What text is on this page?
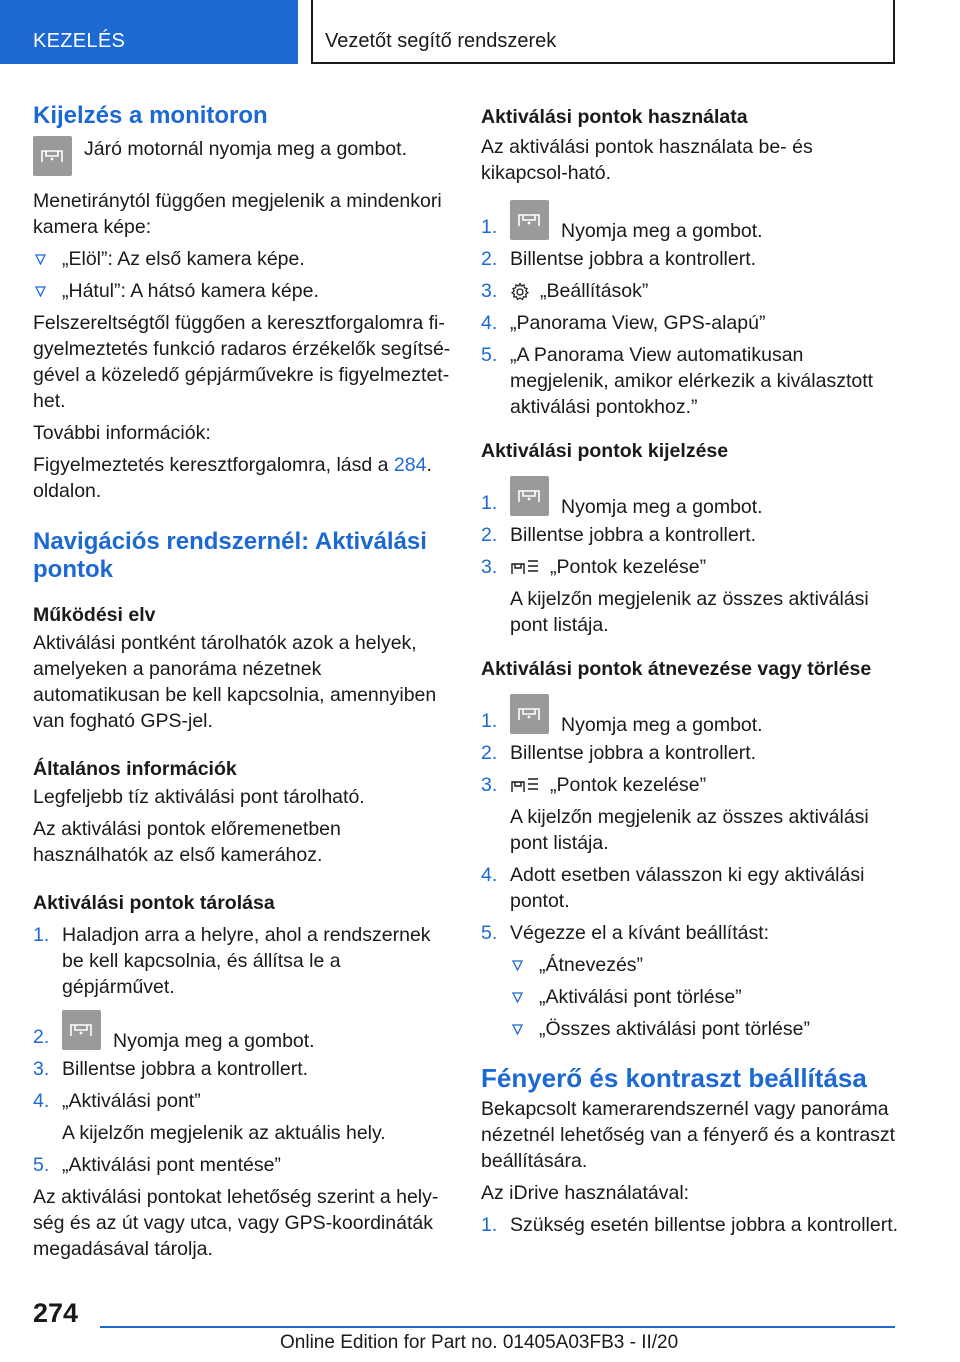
KEZELÉS	Vezetőt segítő rendszerek
Kijelzés a monitoron
Járó motornál nyomja meg a gombot.

Menetiránytól függően megjelenik a mindenkori kamera képe:

„Elöl”: Az első kamera képe.
„Hátul”: A hátsó kamera képe.

Felszereltségtől függően a keresztforgalomra fi-gyelmeztetés funkció radaros érzékelők segítsé-gével a közeledő gépjárművekre is figyelmeztet-het.

További információk:

Figyelmeztetés keresztforgalomra, lásd a 284. oldalon.

Navigációs rendszernél: Aktiválási pontok
Működési elv

Aktiválási pontként tárolhatók azok a helyek, amelyeken a panoráma nézetnek automatikusan be kell kapcsolnia, amennyiben van fogható GPS-jel.

Általános információk

Legfeljebb tíz aktiválási pont tárolható.

Az aktiválási pontok előremenetben használhatók az első kamerához.

Aktiválási pontok tárolása
1. Haladjon arra a helyre, ahol a rendszernek be kell kapcsolnia, és állítsa le a gépjárművet.
2.	Nyomja meg a gombot.
3. Billentse jobbra a kontrollert.
4. „Aktiválási pont”
A kijelzőn megjelenik az aktuális hely.
5. „Aktiválási pont mentése”

Az aktiválási pontokat lehetőség szerint a hely-ség és az út vagy utca, vagy GPS-koordináták megadásával tárolja.

Aktiválási pontok használata

Az aktiválási pontok használata be- és kikapcsol-ható.

1.	Nyomja meg a gombot.
2. Billentse jobbra a kontrollert.
3. „Beállítások”
4. „Panorama View, GPS-alapú”
5. „A Panorama View automatikusan megjelenik, amikor elérkezik a kiválasztott aktiválási pontokhoz.”
Aktiválási pontok kijelzése
1.	Nyomja meg a gombot.
2. Billentse jobbra a kontrollert.
3.	„Pontok kezelése”
A kijelzőn megjelenik az összes aktiválási pont listája.
Aktiválási pontok átnevezése vagy törlése
1.	Nyomja meg a gombot.
2. Billentse jobbra a kontrollert.
3.	„Pontok kezelése”
A kijelzőn megjelenik az összes aktiválási pont listája.
4. Adott esetben válasszon ki egy aktiválási pontot.
5. Végezze el a kívánt beállítást:
„Átnevezés”
„Aktiválási pont törlése”
„Összes aktiválási pont törlése”
Fényerő és kontraszt beállítása

Bekapcsolt kamerarendszernél vagy panoráma nézetnél lehetőség van a fényerő és a kontraszt beállítására.

Az iDrive használatával:

1. Szükség esetén billentse jobbra a kontrollert.
274
Online Edition for Part no. 01405A03FB3 - II/20
